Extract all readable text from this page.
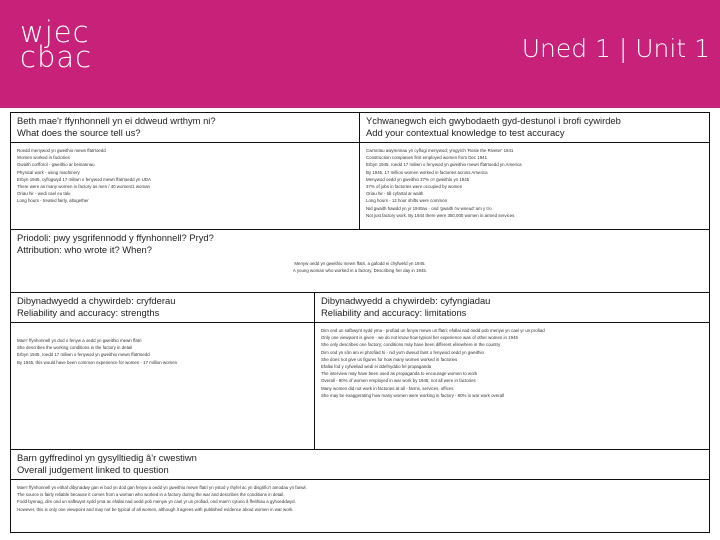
wjec
cbac	Uned 1 | Unit 1
Beth mae'r ffynhonnell yn ei ddweud wrthym ni?
What does the source tell us?
Roedd menywod yn gweithio mewn ffatrïoedd
Women worked in factories
Gwaith corfforol - gweithio ar beiriannau
Physical work - using machinery
Erbyn 1945, cyflogwyd 17 miliwn o fenywod mewn ffatrïoedd yn UDA
There were as many women in factory as men / 40 women/1 woman
Oriau hir - wedi cael eu talu
Long hours - treated fairly, altogether
Ychwanegwch eich gwybodaeth gyd-destunol i brofi cywirdeb
Add your contextual knowledge to test accuracy
Cwmnïau awyrennau yn cyflogi menywod; ymgyrch 'Rosie the Riveter' 1941
Construction companies first employed women from Dec 1941
Erbyn 1945, roedd 17 miliwn o fenywod yn gweithio mewn ffatrïoedd yn America
By 1945, 17 million women worked in factories across America
Menywod oedd yn gweithio 37% o'r gweithlu yn 1945
37% of jobs in factories were occupied by women
Oriau hir - tâl cyfartal ar waith
Long hours - 12 hour shifts were common
Nid gwaith hawdd yn yr 1940au - ond 'gwaith i'w wneud' am y tro
Not just factory work. By 1944 there were 350,000 women in armed services
Priodoli: pwy ysgrifennodd y ffynhonnell? Pryd?
Attribution: who wrote it? When?
Menyw oedd yn gweithio mewn ffatri, a gafodd ei chyfweld yn 1945.
A young woman who worked in a factory. Describing her day in 1945.
Dibynadwyedd a chywirdeb: cryfderau
Reliability and accuracy: strengths
Mae'r ffynhonnell yn dod o fenyw a oedd yn gweithio mewn ffatri
She describes the working conditions in the factory in detail
Erbyn 1945, roedd 17 miliwn o fenywod yn gweithio mewn ffatrïoedd
By 1945, this would have been common experience for women - 17 million women
Dibynadwyedd a chywirdeb: cyfyngiadau
Reliability and accuracy: limitations
Dim ond un safbwynt sydd yma - profiad un fenyw mewn un ffatri; efallai nad oedd pob menyw yn cael yr un profiad
Only one viewpoint is given - we do not know how typical her experience was of other women in 1945
She only describes one factory; conditions may have been different elsewhere in the country
Dim ond yn sôn am ei phrofiad hi - nid yw'n dweud faint o fenywod oedd yn gweithio
She does not give us figures for how many women worked in factories
Efallai fod y cyfweliad wedi ei ddefnyddio fel propaganda
The interview may have been used as propaganda to encourage women to work
Overall - 80% of women employed in war work by 1945; not all were in factories
Many women did not work in factories at all - farms, services, offices
She may be exaggerating how many women were working in factory - 80% in war work overall
Barn gyffredinol yn gysylltiedig â'r cwestiwn
Overall judgement linked to question
Mae'r ffynhonnell yn eithaf dibynadwy gan ei bod yn dod gan fenyw a oedd yn gweithio mewn ffatri yn ystod y rhyfel ac yn disgrifio'r amodau yn fanwl.
The source is fairly reliable because it comes from a woman who worked in a factory during the war and describes the conditions in detail.
Fodd bynnag, dim ond un safbwynt sydd yma ac efallai nad oedd pob menyw yn cael yr un profiad, ond mae'n cytuno â ffeithiau a gyhoeddwyd.
However, this is only one viewpoint and may not be typical of all women, although it agrees with published evidence about women in war work.
